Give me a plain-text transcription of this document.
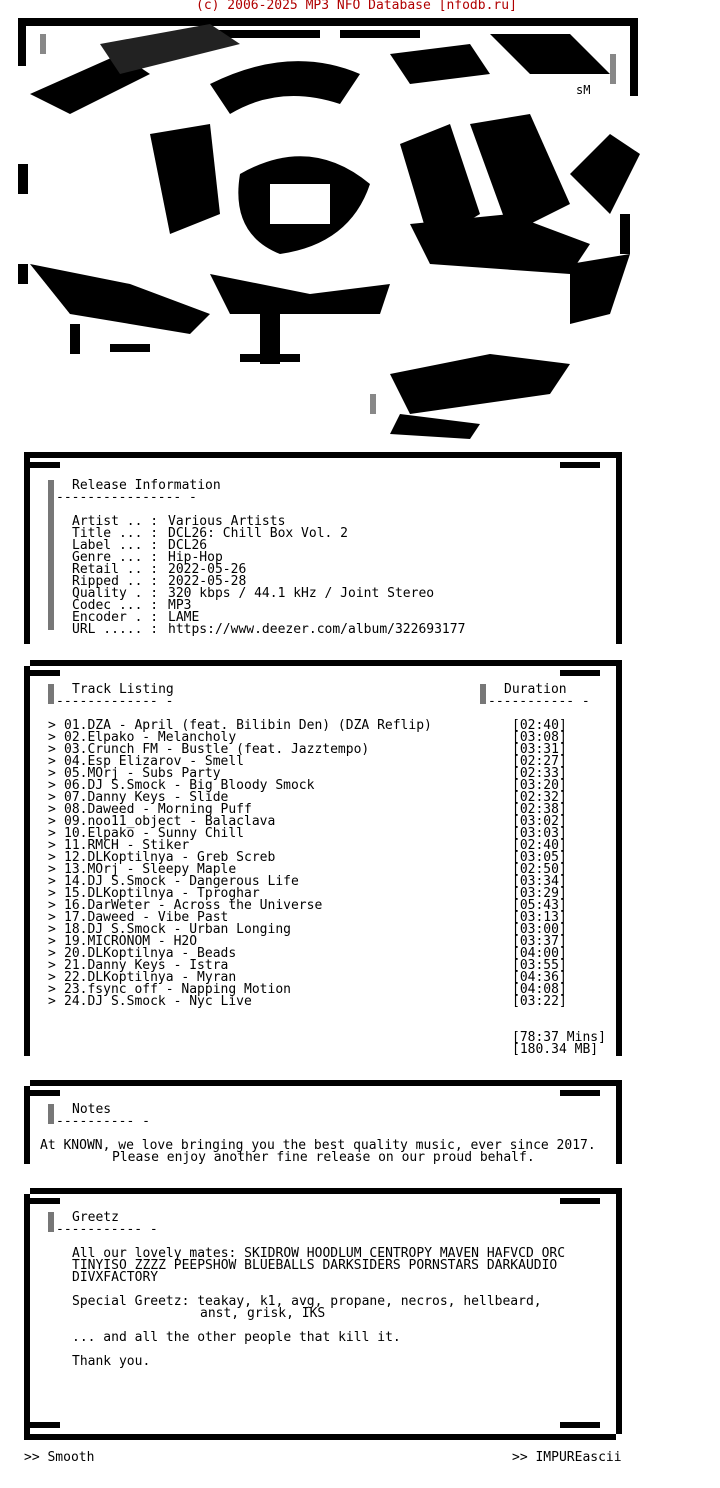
(c) 2006-2025 MP3 NFO Database [nfodb.ru]
sM
Release Information
---------------- -
Artist .. : Various Artists
Title ... : DCL26: Chill Box Vol. 2
Label ... : DCL26
Genre ... : Hip-Hop
Retail .. : 2022-05-26
Ripped .. : 2022-05-28
Quality . : 320 kbps / 44.1 kHz / Joint Stereo
Codec ... : MP3
Encoder . : LAME
URL ..... : https://www.deezer.com/album/322693177
Track Listing
------------- -
Duration
----------- -
> 01.DZA - April (feat. Bilibin Den) (DZA Reflip)	[02:40]
> 02.Elpako - Melancholy	[03:08]
> 03.Crunch FM - Bustle (feat. Jazztempo)	[03:31]
> 04.Esp Elizarov - Smell	[02:27]
> 05.MOrj - Subs Party	[02:33]
> 06.DJ S.Smock - Big Bloody Smock	[03:20]
> 07.Danny Keys - Slide	[02:32]
> 08.Daweed - Morning Puff	[02:38]
> 09.noo11_object - Balaclava	[03:02]
> 10.Elpako - Sunny Chill	[03:03]
> 11.RMCH - Stiker	[02:40]
> 12.DLKoptilnya - Greb Screb	[03:05]
> 13.MOrj - Sleepy Maple	[02:50]
> 14.DJ S.Smock - Dangerous Life	[03:34]
> 15.DLKoptilnya - Tproghar	[03:29]
> 16.DarWeter - Across the Universe	[05:43]
> 17.Daweed - Vibe Past	[03:13]
> 18.DJ S.Smock - Urban Longing	[03:00]
> 19.MICRONOM - H2O	[03:37]
> 20.DLKoptilnya - Beads	[04:00]
> 21.Danny Keys - Istra	[03:55]
> 22.DLKoptilnya - Myran	[04:36]
> 23.fsync off - Napping Motion	[04:08]
> 24.DJ S.Smock - Nyc Live	[03:22]
[78:37 Mins]
[180.34 MB]
Notes
---------- -
At KNOWN, we love bringing you the best quality music, ever since 2017.
Please enjoy another fine release on our proud behalf.
Greetz
----------- -
All our lovely mates: SKIDROW HOODLUM CENTROPY MAVEN HAFVCD ORC
TINYISO ZZZZ PEEPSHOW BLUEBALLS DARKSIDERS PORNSTARS DARKAUDIO
DIVXFACTORY
Special Greetz: teakay, k1, avg, propane, necros, hellbeard,
anst, grisk, IKS
... and all the other people that kill it.
Thank you.
>> Smooth	>> IMPUREascii
